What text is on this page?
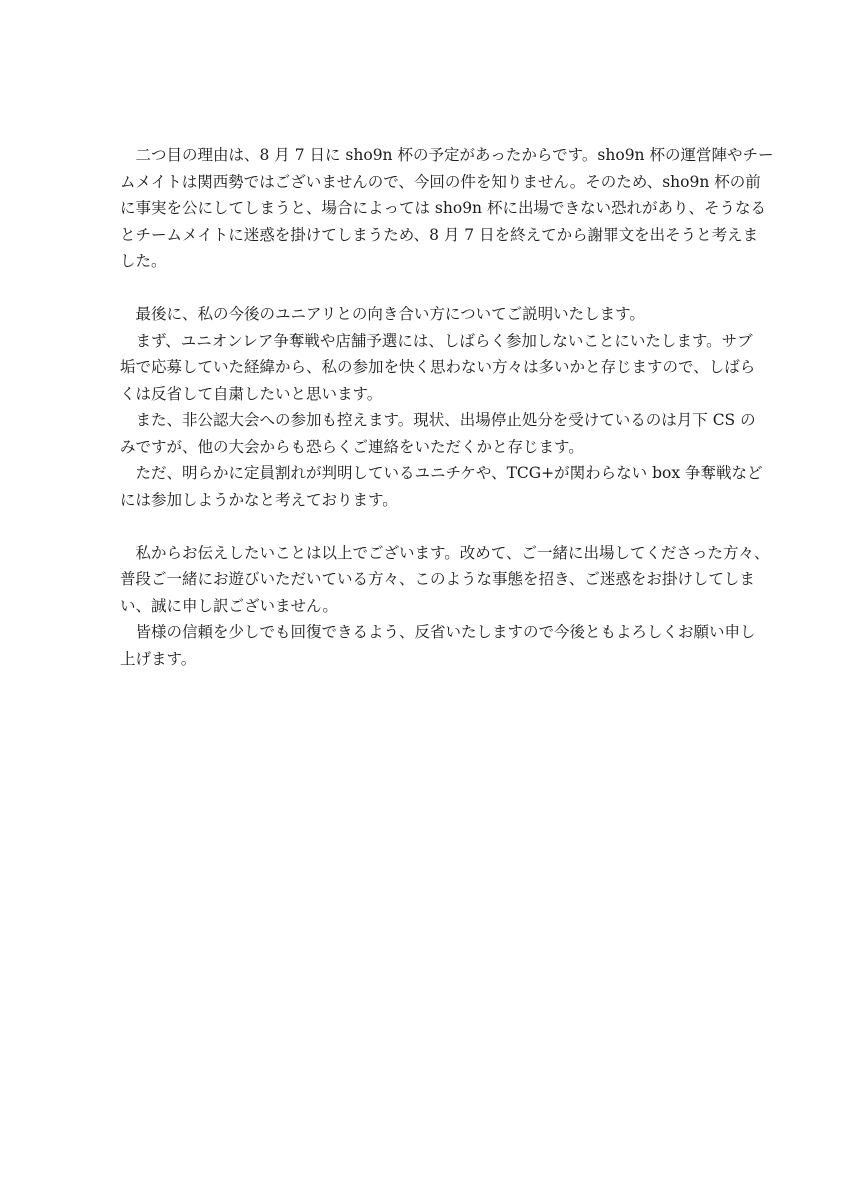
　二つ目の理由は、8 月 7 日に sho9n 杯の予定があったからです。sho9n 杯の運営陣やチー
ムメイトは関西勢ではございませんので、今回の件を知りません。そのため、sho9n 杯の前
に事実を公にしてしまうと、場合によっては sho9n 杯に出場できない恐れがあり、そうなる
とチームメイトに迷惑を掛けてしまうため、8 月 7 日を終えてから謝罪文を出そうと考えま
した。
　最後に、私の今後のユニアリとの向き合い方についてご説明いたします。
　まず、ユニオンレア争奪戦や店舗予選には、しばらく参加しないことにいたします。サブ
垢で応募していた経緯から、私の参加を快く思わない方々は多いかと存じますので、しばら
くは反省して自粛したいと思います。
　また、非公認大会への参加も控えます。現状、出場停止処分を受けているのは月下 CS の
みですが、他の大会からも恐らくご連絡をいただくかと存じます。
　ただ、明らかに定員割れが判明しているユニチケや、TCG+が関わらない box 争奪戦など
には参加しようかなと考えております。
　私からお伝えしたいことは以上でございます。改めて、ご一緒に出場してくださった方々、
普段ご一緒にお遊びいただいている方々、このような事態を招き、ご迷惑をお掛けしてしま
い、誠に申し訳ございません。
　皆様の信頼を少しでも回復できるよう、反省いたしますので今後ともよろしくお願い申し
上げます。
